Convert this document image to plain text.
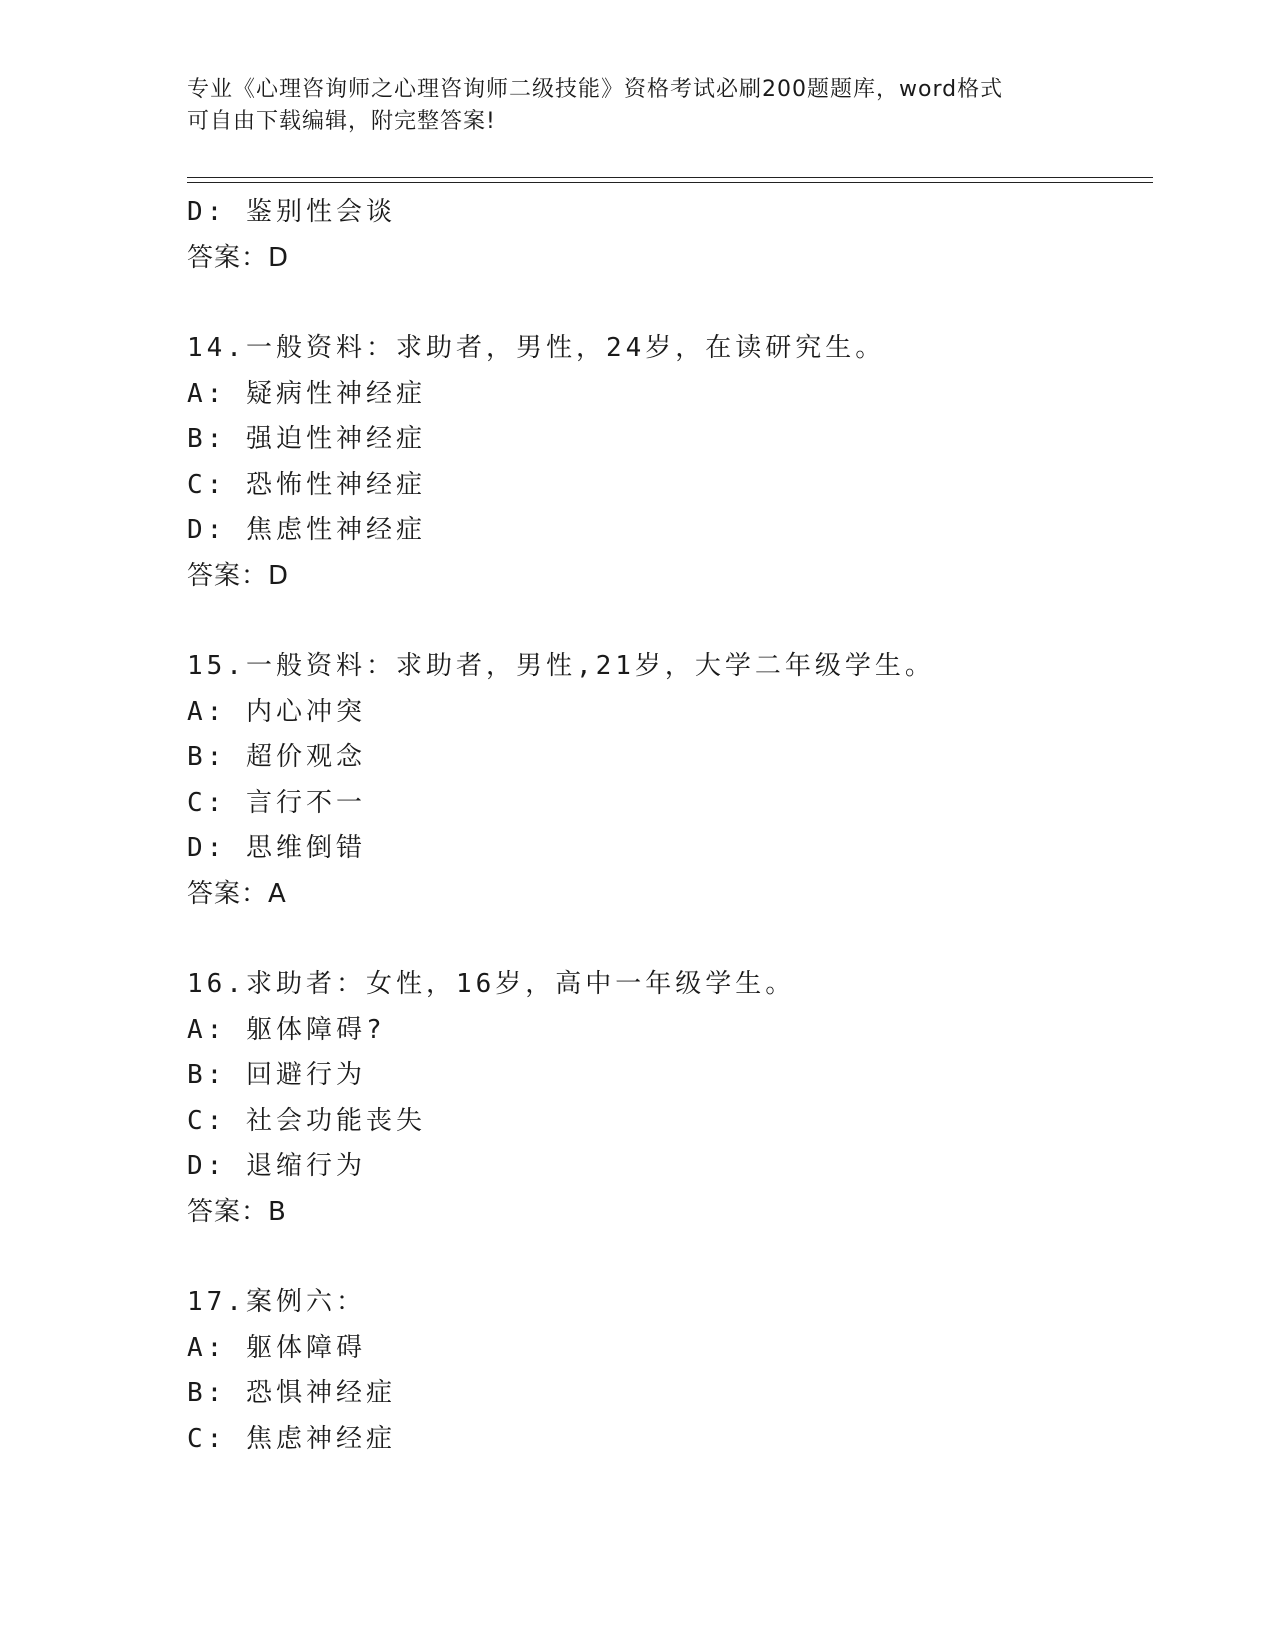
专业《心理咨询师之心理咨询师二级技能》资格考试必刷200题题库，word格式
可自由下载编辑，附完整答案!
D: 鉴别性会谈
答案：D
14.一般资料：求助者，男性，24岁，在读研究生。
A: 疑病性神经症
B: 强迫性神经症
C: 恐怖性神经症
D: 焦虑性神经症
答案：D
15.一般资料：求助者，男性,21岁，大学二年级学生。
A: 内心冲突
B: 超价观念
C: 言行不一
D: 思维倒错
答案：A
16.求助者：女性，16岁，高中一年级学生。
A: 躯体障碍?
B: 回避行为
C: 社会功能丧失
D: 退缩行为
答案：B
17.案例六：
A: 躯体障碍
B: 恐惧神经症
C: 焦虑神经症
